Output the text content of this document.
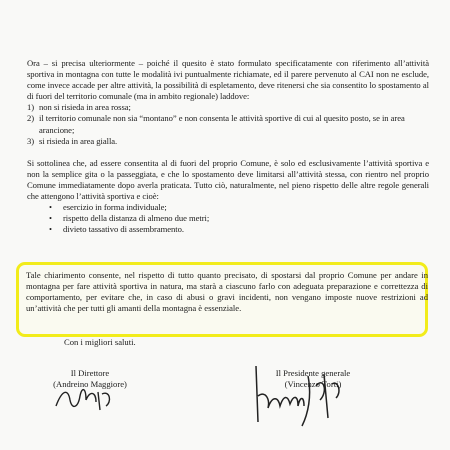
Ora – si precisa ulteriormente – poiché il quesito è stato formulato specificatamente con riferimento all’attività sportiva in montagna con tutte le modalità ivi puntualmente richiamate, ed il parere pervenuto al CAI non ne esclude, come invece accade per altre attività, la possibilità di espletamento, deve ritenersi che sia consentito lo spostamento al di fuori del territorio comunale (ma in ambito regionale) laddove:

1) non si risieda in area rossa;
2) il territorio comunale non sia “montano” e non consenta le attività sportive di cui al quesito posto, se in area arancione;
3) si risieda in area gialla.

Si sottolinea che, ad essere consentita al di fuori del proprio Comune, è solo ed esclusivamente l’attività sportiva e non la semplice gita o la passeggiata, e che lo spostamento deve limitarsi all’attività stessa, con rientro nel proprio Comune immediatamente dopo averla praticata. Tutto ciò, naturalmente, nel pieno rispetto delle altre regole generali che attengono l’attività sportiva e cioè:

• esercizio in forma individuale;
• rispetto della distanza di almeno due metri;
• divieto tassativo di assembramento.

Tale chiarimento consente, nel rispetto di tutto quanto precisato, di spostarsi dal proprio Comune per andare in montagna per fare attività sportiva in natura, ma starà a ciascuno farlo con adeguata preparazione e correttezza di comportamento, per evitare che, in caso di abusi o gravi incidenti, non vengano imposte nuove restrizioni ad un’attività che per tutti gli amanti della montagna è essenziale.

Con i migliori saluti.
Il Direttore
(Andreino Maggiore)
Il Presidente generale
(Vincenzo Torti)
